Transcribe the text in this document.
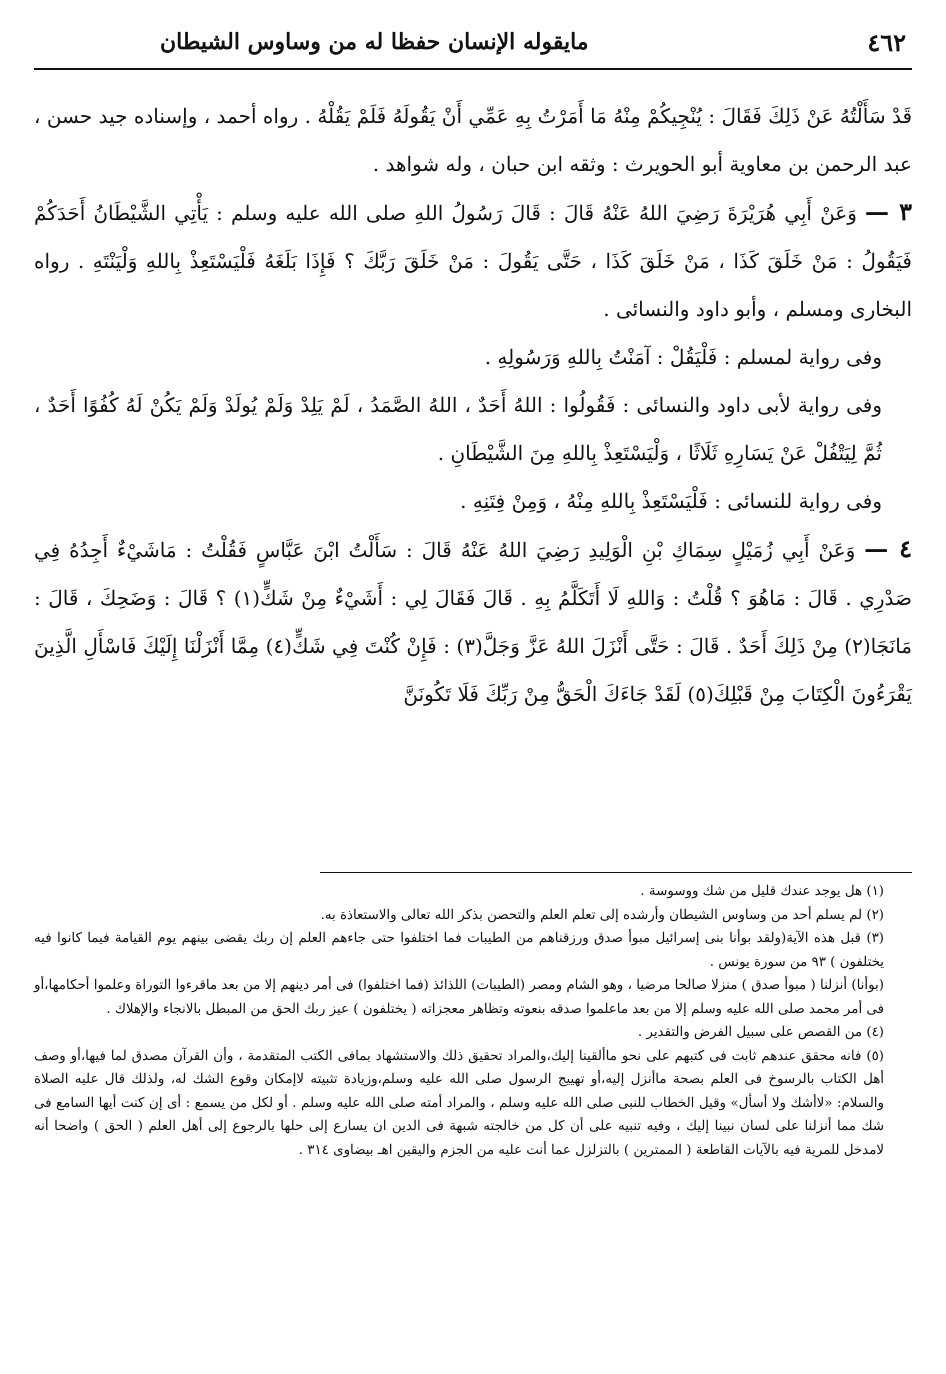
٤٦٢
مايقوله الإنسان حفظا له من وساوس الشيطان

قَدْ سَأَلْتُهُ عَنْ ذَلِكَ فَقَالَ : يُنْجِيكُمْ مِنْهُ مَا أَمَرْتُ بِهِ عَمِّي أَنْ يَقُولَهُ فَلَمْ يَقُلْهُ . رواه أحمد ، وإسناده جيد حسن ، عبد الرحمن بن معاوية أبو الحويرث : وثقه ابن حبان ، وله شواهد .

٣ — وَعَنْ أَبِي هُرَيْرَةَ رَضِيَ اللهُ عَنْهُ قَالَ : قَالَ رَسُولُ اللهِ صلى الله عليه وسلم : يَأْتِي الشَّيْطَانُ أَحَدَكُمْ فَيَقُولُ : مَنْ خَلَقَ كَذَا ، مَنْ خَلَقَ كَذَا ، حَتَّى يَقُولَ : مَنْ خَلَقَ رَبَّكَ ؟ فَإِذَا بَلَغَهُ فَلْيَسْتَعِذْ بِاللهِ وَلْيَنْتَهِ . رواه البخارى ومسلم ، وأبو داود والنسائى .

وفى رواية لمسلم : فَلْيَقُلْ : آمَنْتُ بِاللهِ وَرَسُولِهِ .

وفى رواية لأبى داود والنسائى : فَقُولُوا : اللهُ أَحَدٌ ، اللهُ الصَّمَدُ ، لَمْ يَلِدْ وَلَمْ يُولَدْ وَلَمْ يَكُنْ لَهُ كُفُوًا أَحَدٌ ، ثُمَّ لِيَتْفُلْ عَنْ يَسَارِهِ ثَلَاثًا ، وَلْيَسْتَعِذْ بِاللهِ مِنَ الشَّيْطَانِ .

وفى رواية للنسائى : فَلْيَسْتَعِذْ بِاللهِ مِنْهُ ، وَمِنْ فِتَنِهِ .

٤ — وَعَنْ أَبِي زُمَيْلٍ سِمَاكِ بْنِ الْوَلِيدِ رَضِيَ اللهُ عَنْهُ قَالَ : سَأَلْتُ ابْنَ عَبَّاسٍ فَقُلْتُ : مَاشَيْءٌ أَجِدُهُ فِي صَدْرِي . قَالَ : مَاهُوَ ؟ قُلْتُ : وَاللهِ لَا أَتَكَلَّمُ بِهِ . قَالَ فَقَالَ لِي : أَشَيْءٌ مِنْ شَكٍّ(١) ؟ قَالَ : وَضَحِكَ ، قَالَ : مَانَجَا(٢) مِنْ ذَلِكَ أَحَدٌ . قَالَ : حَتَّى أَنْزَلَ اللهُ عَزَّ وَجَلَّ(٣) : فَإِنْ كُنْتَ فِي شَكٍّ(٤) مِمَّا أَنْزَلْنَا إِلَيْكَ فَاسْأَلِ الَّذِينَ يَقْرَءُونَ الْكِتَابَ مِنْ قَبْلِكَ(٥) لَقَدْ جَاءَكَ الْحَقُّ مِنْ رَبِّكَ فَلَا تَكُونَنَّ

(١) هل يوجد عندك قليل من شك ووسوسة .

(٢) لم يسلم أحد من وساوس الشيطان وأرشده إلى تعلم العلم والتحصن بذكر الله تعالى والاستعاذة به.

(٣) قبل هذه الآية(ولقد بوأنا بنى إسرائيل مبوأ صدق ورزقناهم من الطيبات فما اختلفوا حتى جاءهم العلم إن ربك يقضى بينهم يوم القيامة فيما كانوا فيه يختلفون ) ٩٣ من سورة يونس .

(بوأنا) أنزلنا ( مبوأ صدق ) منزلا صالحا مرضيا ، وهو الشام ومصر (الطيبات) اللذائذ (فما اختلفوا) فى أمر دينهم إلا من بعد ماقرءوا التوراة وعلموا أحكامها،أو فى أمر محمد صلى الله عليه وسلم إلا من بعد ماعلموا صدقه بنعوته وتظاهر معجزاته ( يختلفون ) عيز ربك الحق من المبطل بالانجاء والإهلاك .

(٤) من القصص على سبيل الفرض والتقدير .

(٥) فانه محقق عندهم ثابت فى كتبهم على نحو ماألقينا إليك،والمراد تحقيق ذلك والاستشهاد بمافى الكتب المتقدمة ، وأن القرآن مصدق لما فيها،أو وصف أهل الكتاب بالرسوخ فى العلم بصحة ماأنزل إليه،أو تهييج الرسول صلى الله عليه وسلم،وزيادة تثبيته لاإمكان وقوع الشك له، ولذلك قال عليه الصلاة والسلام: «لاأشك ولا أسأل» وقيل الخطاب للنبى صلى الله عليه وسلم ، والمراد أمته صلى الله عليه وسلم . أو لكل من يسمع : أى إن كنت أيها السامع فى شك مما أنزلنا على لسان نبينا إليك ، وفيه تنبيه على أن كل من خالجته شبهة فى الدين ان يسارع إلى حلها بالرجوع إلى أهل العلم ( الحق ) واضحا أنه لامدخل للمرية فيه بالآيات القاطعة ( الممترين ) بالتزلزل عما أنت عليه من الجزم واليقين اهـ بيضاوى ٣١٤ .
